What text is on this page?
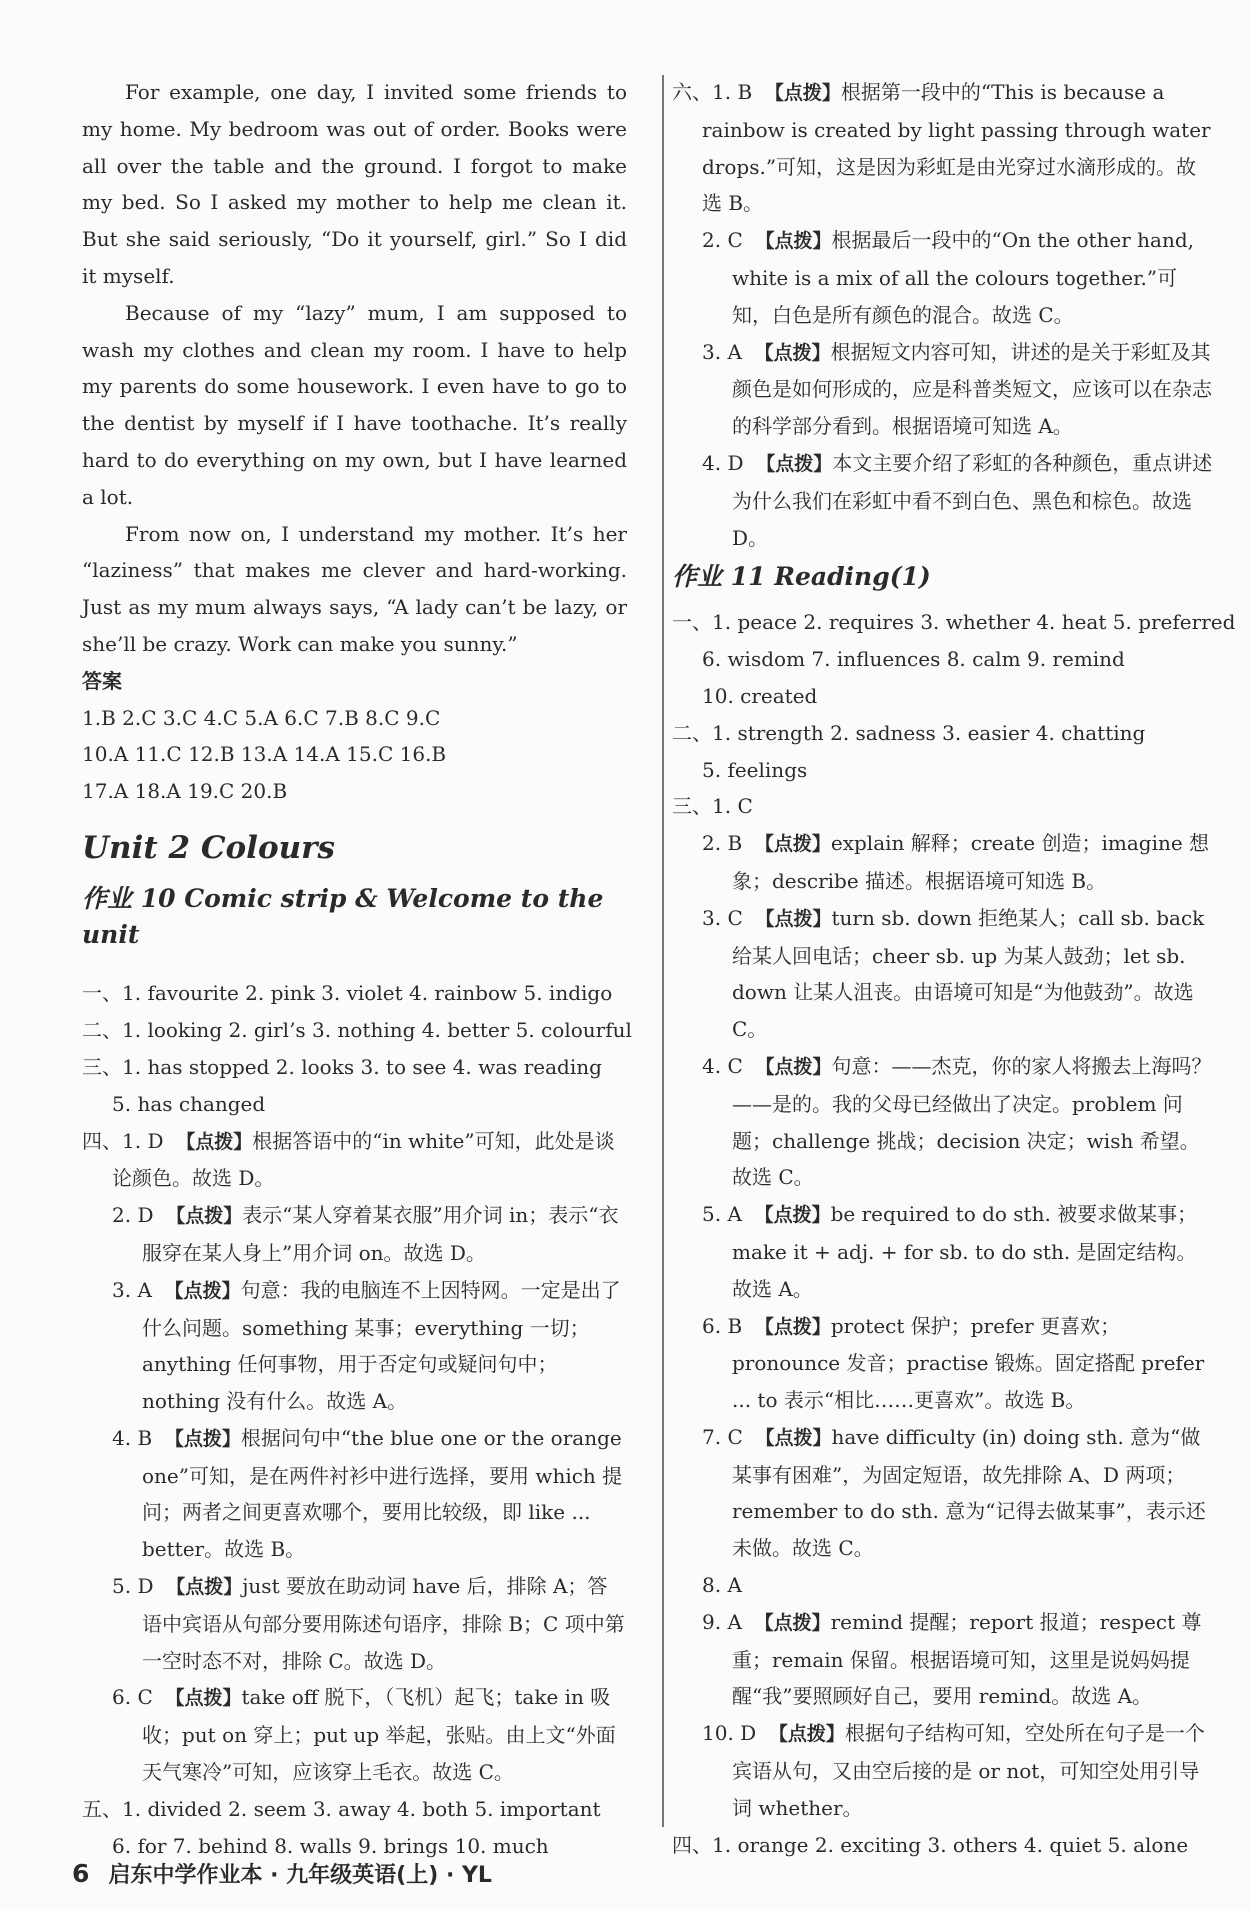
For example, one day, I invited some friends to my home. My bedroom was out of order. Books were all over the table and the ground. I forgot to make my bed. So I asked my mother to help me clean it. But she said seriously, “Do it yourself, girl.” So I did it myself.
Because of my “lazy” mum, I am supposed to wash my clothes and clean my room. I have to help my parents do some housework. I even have to go to the dentist by myself if I have toothache. It’s really hard to do everything on my own, but I have learned a lot.
From now on, I understand my mother. It’s her “laziness” that makes me clever and hard-working. Just as my mum always says, “A lady can’t be lazy, or she’ll be crazy. Work can make you sunny.”
答案
1.B 2.C 3.C 4.C 5.A 6.C 7.B 8.C 9.C
10.A 11.C 12.B 13.A 14.A 15.C 16.B
17.A 18.A 19.C 20.B
Unit 2 Colours
作业 10 Comic strip & Welcome to the unit
一、1. favourite 2. pink 3. violet 4. rainbow 5. indigo
二、1. looking 2. girl’s 3. nothing 4. better 5. colourful
三、1. has stopped 2. looks 3. to see 4. was reading
5. has changed
四、1. D 【点拨】根据答语中的“in white”可知，此处是谈论颜色。故选 D。
2. D 【点拨】表示“某人穿着某衣服”用介词 in；表示“衣服穿在某人身上”用介词 on。故选 D。
3. A 【点拨】句意：我的电脑连不上因特网。一定是出了什么问题。something 某事；everything 一切；anything 任何事物，用于否定句或疑问句中；nothing 没有什么。故选 A。
4. B 【点拨】根据问句中“the blue one or the orange one”可知，是在两件衬衫中进行选择，要用 which 提问；两者之间更喜欢哪个，要用比较级，即 like ... better。故选 B。
5. D 【点拨】just 要放在助动词 have 后，排除 A；答语中宾语从句部分要用陈述句语序，排除 B；C 项中第一空时态不对，排除 C。故选 D。
6. C 【点拨】take off 脱下，（飞机）起飞；take in 吸收；put on 穿上；put up 举起，张贴。由上文“外面天气寒冷”可知，应该穿上毛衣。故选 C。
五、1. divided 2. seem 3. away 4. both 5. important
6. for 7. behind 8. walls 9. brings 10. much
六、1. B 【点拨】根据第一段中的“This is because a rainbow is created by light passing through water drops.”可知，这是因为彩虹是由光穿过水滴形成的。故选 B。
2. C 【点拨】根据最后一段中的“On the other hand, white is a mix of all the colours together.”可知，白色是所有颜色的混合。故选 C。
3. A 【点拨】根据短文内容可知，讲述的是关于彩虹及其颜色是如何形成的，应是科普类短文，应该可以在杂志的科学部分看到。根据语境可知选 A。
4. D 【点拨】本文主要介绍了彩虹的各种颜色，重点讲述为什么我们在彩虹中看不到白色、黑色和棕色。故选 D。
作业 11 Reading(1)
一、1. peace 2. requires 3. whether 4. heat 5. preferred
6. wisdom 7. influences 8. calm 9. remind
10. created
二、1. strength 2. sadness 3. easier 4. chatting
5. feelings
三、1. C
2. B 【点拨】explain 解释；create 创造；imagine 想象；describe 描述。根据语境可知选 B。
3. C 【点拨】turn sb. down 拒绝某人；call sb. back 给某人回电话；cheer sb. up 为某人鼓劲；let sb. down 让某人沮丧。由语境可知是“为他鼓劲”。故选 C。
4. C 【点拨】句意：——杰克，你的家人将搬去上海吗？——是的。我的父母已经做出了决定。problem 问题；challenge 挑战；decision 决定；wish 希望。故选 C。
5. A 【点拨】be required to do sth. 被要求做某事；make it + adj. + for sb. to do sth. 是固定结构。故选 A。
6. B 【点拨】protect 保护；prefer 更喜欢；pronounce 发音；practise 锻炼。固定搭配 prefer ... to 表示“相比……更喜欢”。故选 B。
7. C 【点拨】have difficulty (in) doing sth. 意为“做某事有困难”，为固定短语，故先排除 A、D 两项；remember to do sth. 意为“记得去做某事”，表示还未做。故选 C。
8. A
9. A 【点拨】remind 提醒；report 报道；respect 尊重；remain 保留。根据语境可知，这里是说妈妈提醒“我”要照顾好自己，要用 remind。故选 A。
10. D 【点拨】根据句子结构可知，空处所在句子是一个宾语从句，又由空后接的是 or not，可知空处用引导词 whether。
四、1. orange 2. exciting 3. others 4. quiet 5. alone
6 启东中学作业本 · 九年级英语(上) · YL
